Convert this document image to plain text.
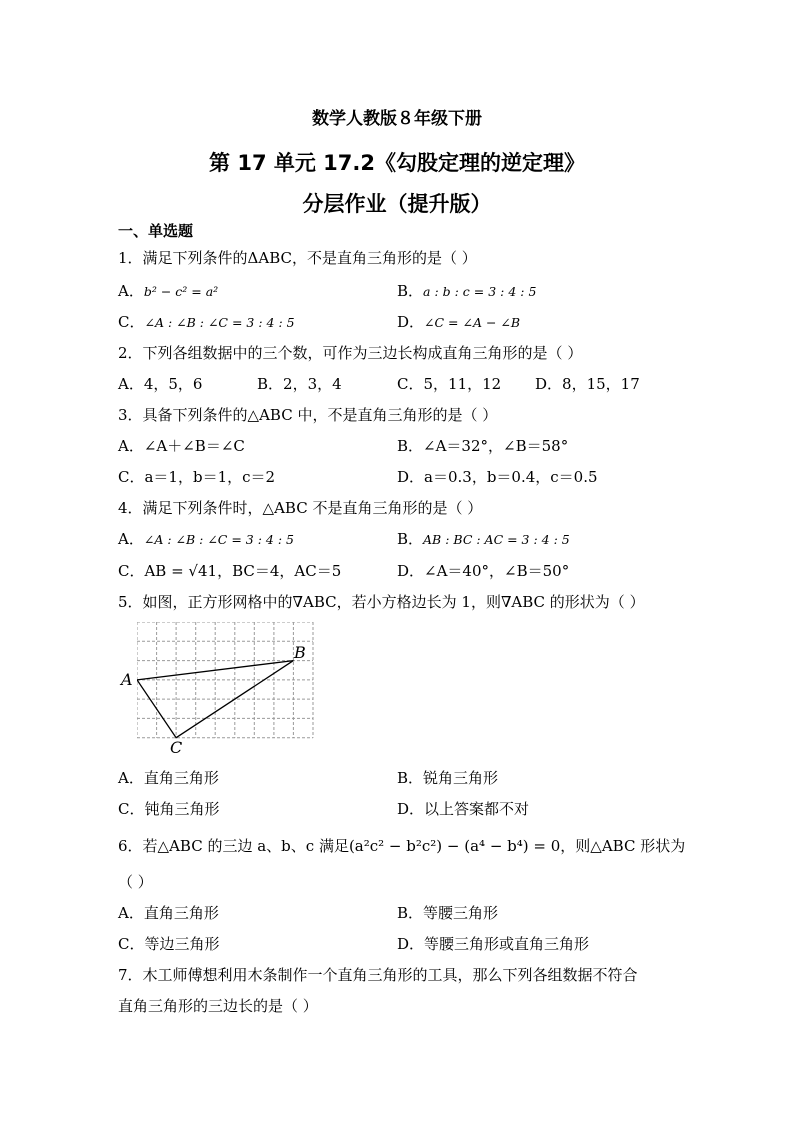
数学人教版８年级下册
第 17 单元 17.2《勾股定理的逆定理》
分层作业（提升版）
一、单选题
1．满足下列条件的ΔABC，不是直角三角形的是（ ）
A．b² − c² = a²	B．a : b : c = 3 : 4 : 5
C．∠A : ∠B : ∠C = 3 : 4 : 5	D．∠C = ∠A − ∠B
2．下列各组数据中的三个数，可作为三边长构成直角三角形的是（ ）
A．4，5，6	B．2，3，4	C．5，11，12 D．8，15，17
3．具备下列条件的△ABC 中，不是直角三角形的是（ ）
A．∠A＋∠B＝∠C	B．∠A＝32°，∠B＝58°
C．a＝1，b＝1，c＝2	D．a＝0.3，b＝0.4，c＝0.5
4．满足下列条件时，△ABC 不是直角三角形的是（ ）
A．∠A : ∠B : ∠C = 3 : 4 : 5	B．AB : BC : AC = 3 : 4 : 5
C．AB = √41，BC＝4，AC＝5	D．∠A＝40°，∠B＝50°
5．如图，正方形网格中的∇ABC，若小方格边长为 1，则∇ABC 的形状为（ ）
A
B
C
A．直角三角形	B．锐角三角形
C．钝角三角形	D．以上答案都不对
6．若△ABC 的三边 a、b、c 满足(a²c² − b²c²) − (a⁴ − b⁴) = 0，则△ABC 形状为
（ ）
A．直角三角形	B．等腰三角形
C．等边三角形	D．等腰三角形或直角三角形
7．木工师傅想利用木条制作一个直角三角形的工具，那么下列各组数据不符合
直角三角形的三边长的是（ ）
